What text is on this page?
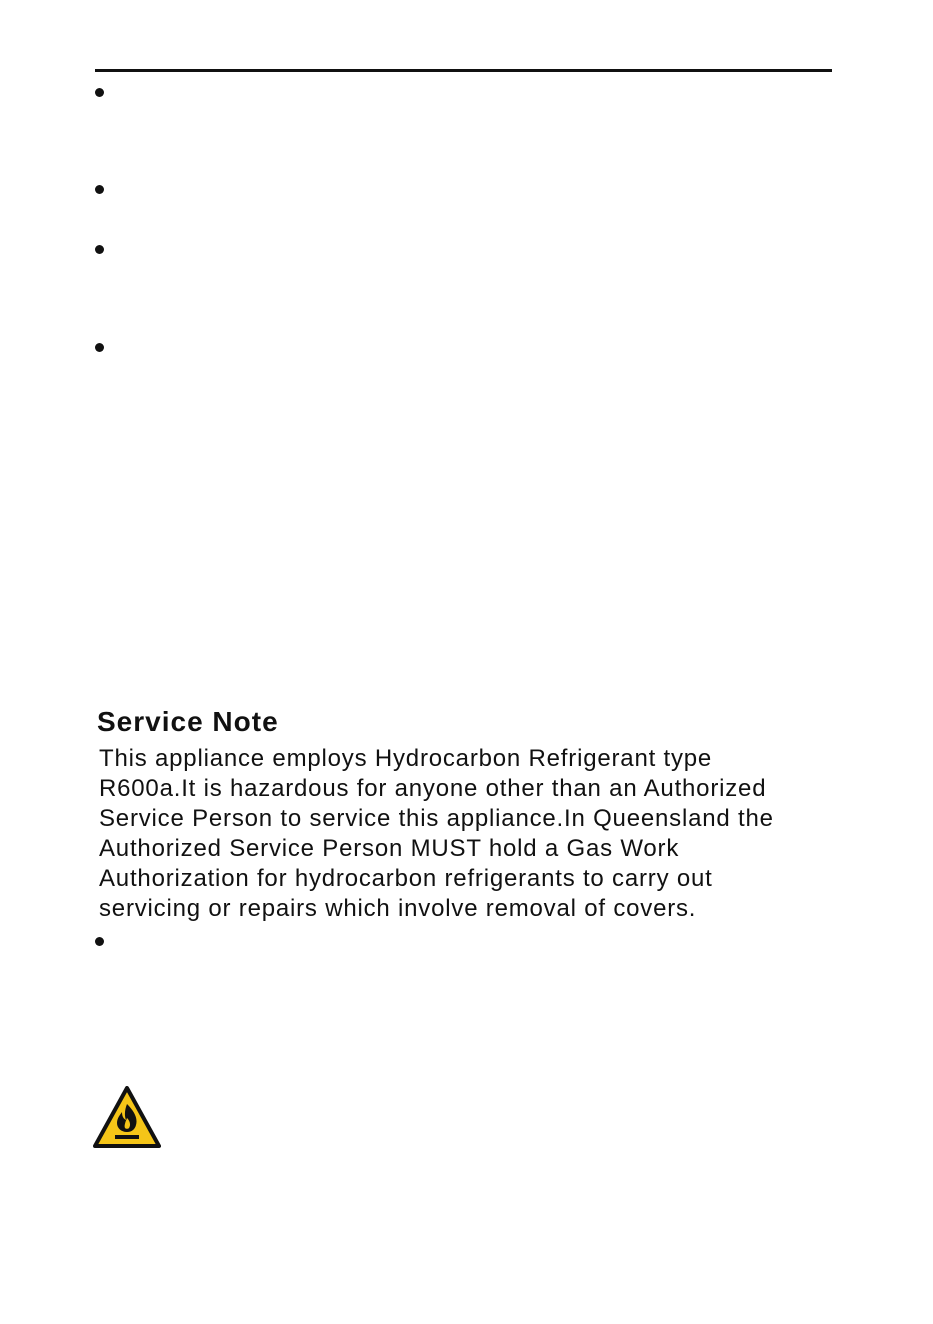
Service Note

This appliance employs Hydrocarbon Refrigerant type
R600a.It is hazardous for anyone other than an Authorized
Service Person to service this appliance.In Queensland the
Authorized Service Person MUST hold a Gas Work
Authorization for hydrocarbon refrigerants to carry out
servicing or repairs which involve removal of covers.
